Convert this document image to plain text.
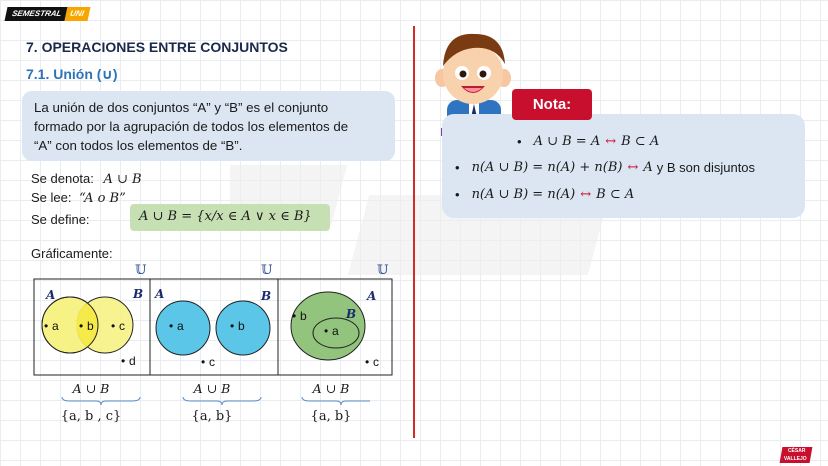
SEMESTRAL UNI
7. OPERACIONES ENTRE CONJUNTOS
7.1. Unión (∪)
La unión de dos conjuntos “A” y “B” es el conjunto
formado por la agrupación de todos los elementos de
“A” con todos los elementos de “B”.
Se denota: A ∪ B
Se lee: “A o B”
Se define:	A ∪ B = {x/x ∈ A ∨ x ∈ B}
Gráficamente:
𝕌	𝕌	𝕌
A	B
• a • b • c
• d
A	B
• a	• b
• c
A
B
• b
• a
• c
A ∪ B	A ∪ B	A ∪ B
{a, b , c}	{a, b}	{a, b}
Nota:
• A ∪ B = A ↔ B ⊂ A
• n(A ∪ B) = n(A) + n(B) ↔ A y B son disjuntos
• n(A ∪ B) = n(A) ↔ B ⊂ A
CÉSAR
VALLEJO
